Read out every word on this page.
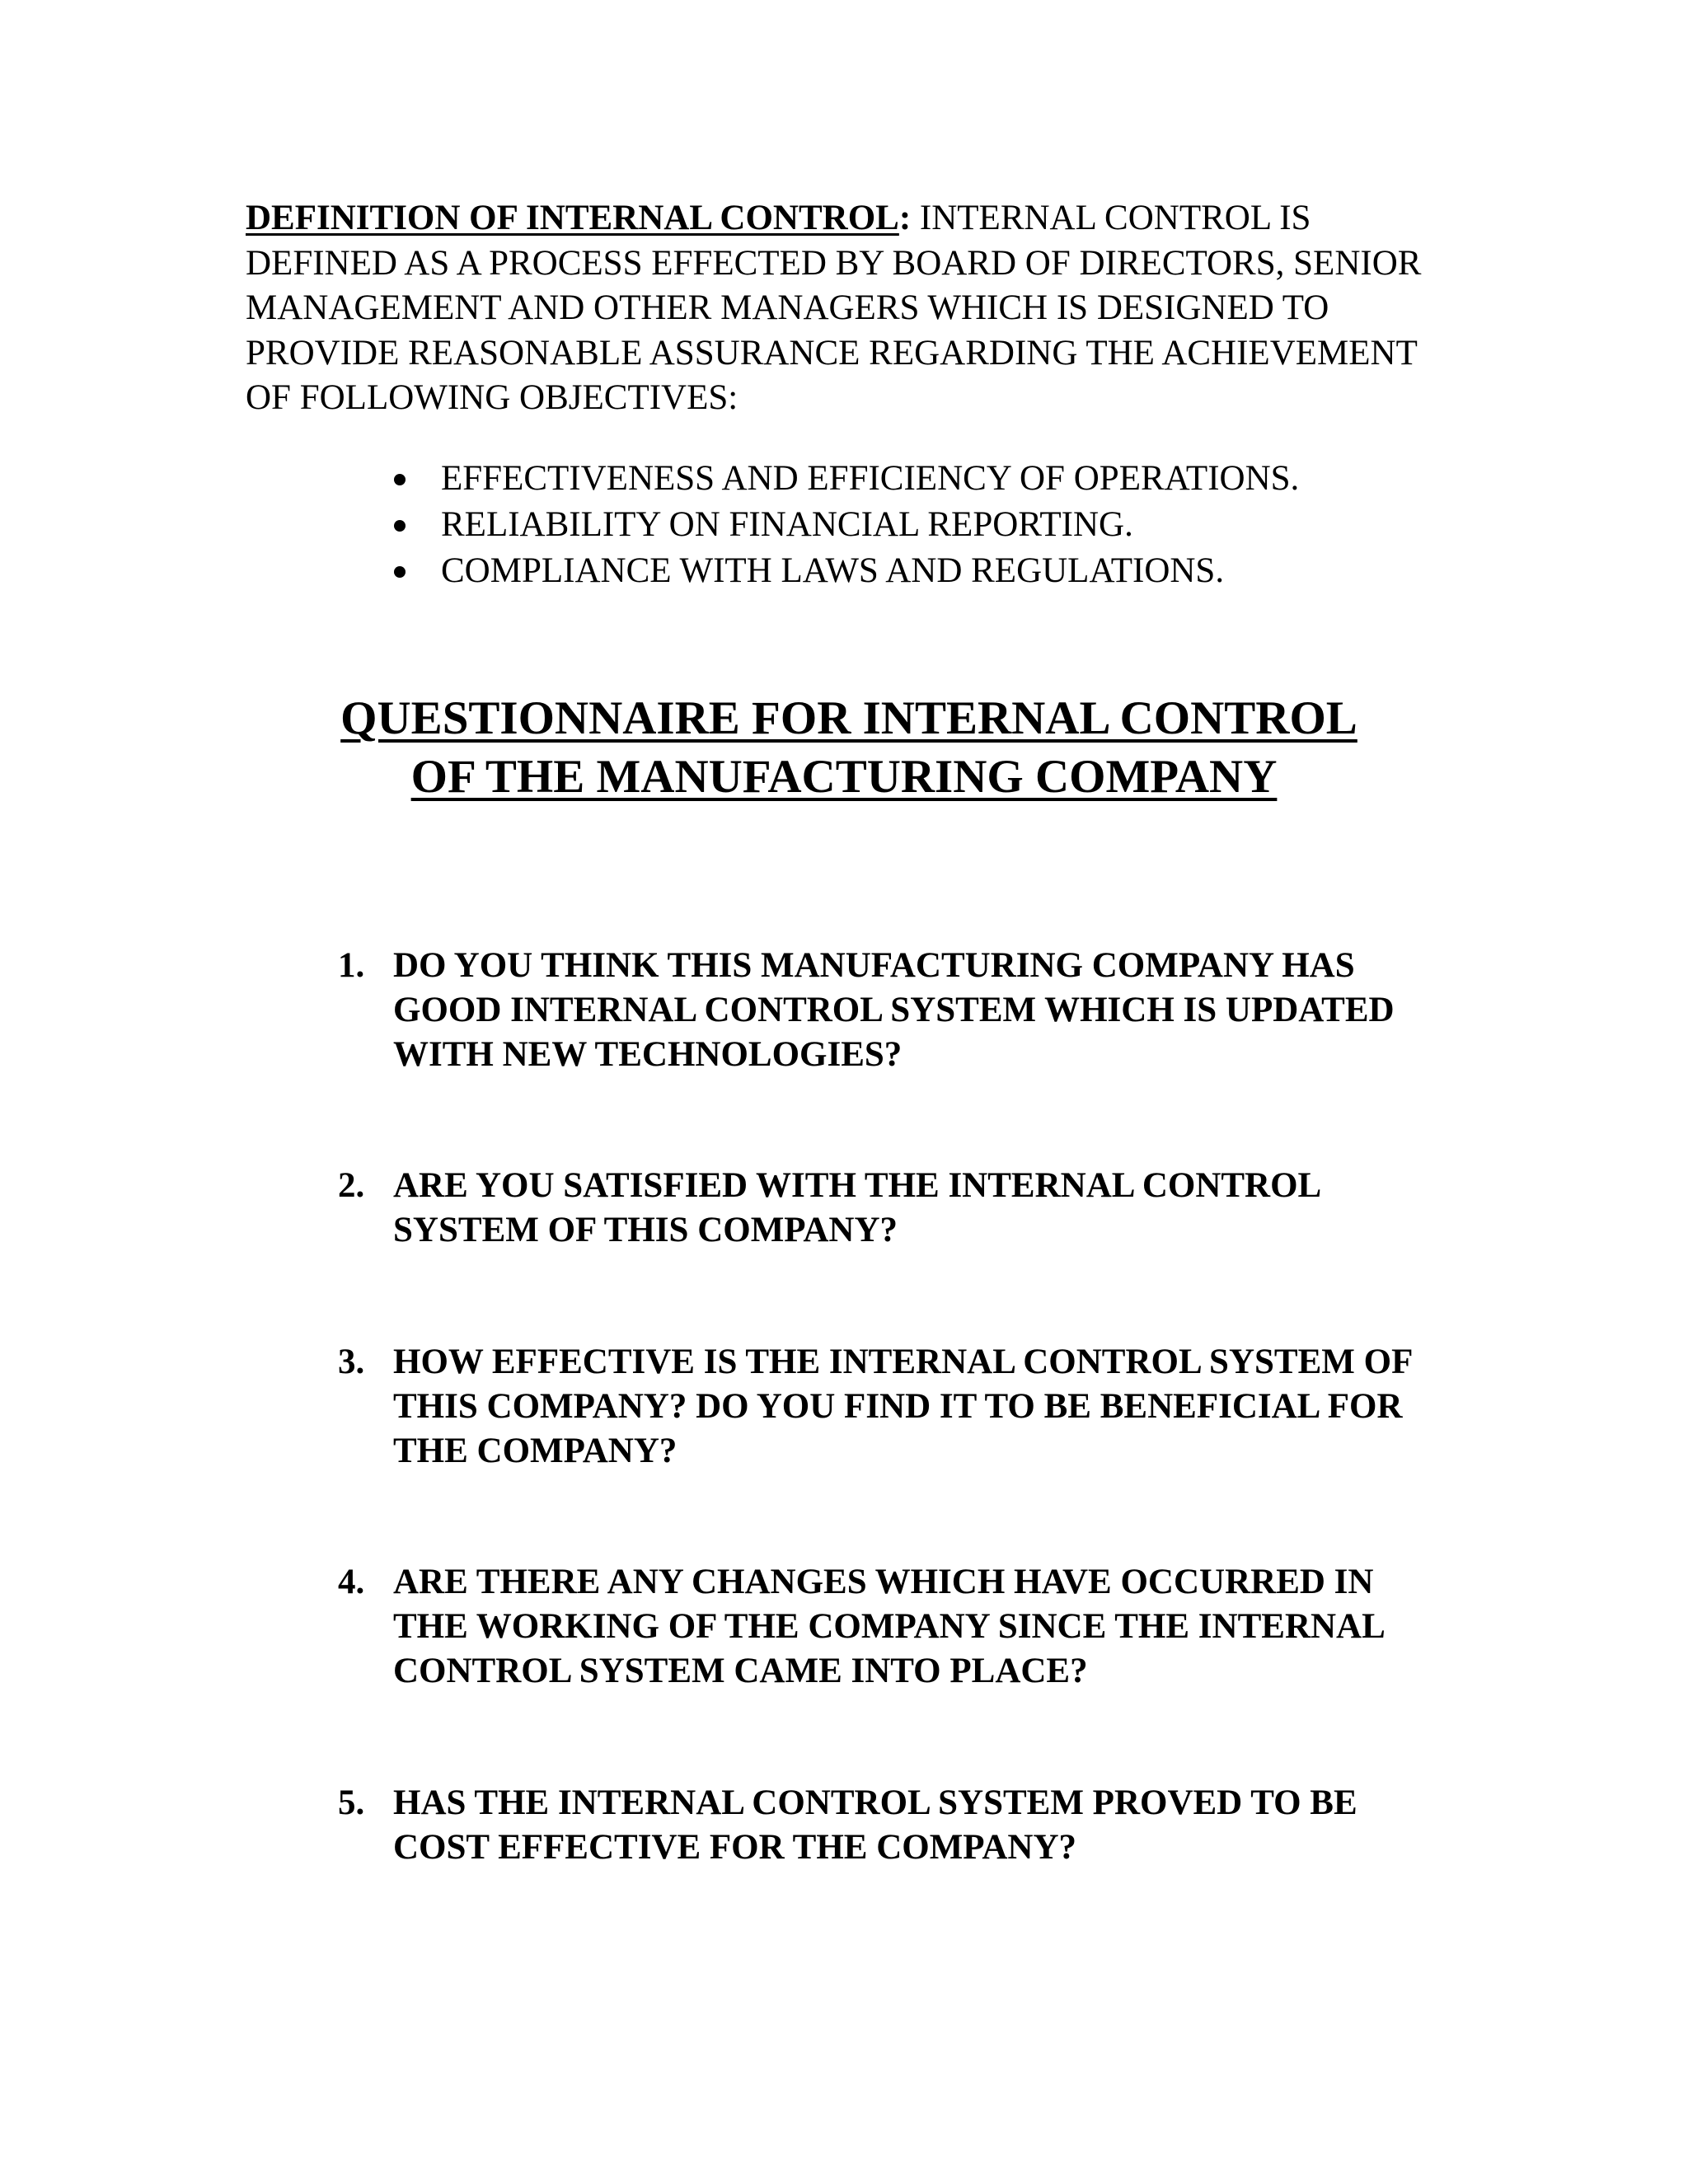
DEFINITION OF INTERNAL CONTROL: INTERNAL CONTROL IS DEFINED AS A PROCESS EFFECTED BY BOARD OF DIRECTORS, SENIOR MANAGEMENT AND OTHER MANAGERS WHICH IS DESIGNED TO PROVIDE REASONABLE ASSURANCE REGARDING THE ACHIEVEMENT OF FOLLOWING OBJECTIVES:

EFFECTIVENESS AND EFFICIENCY OF OPERATIONS.
RELIABILITY ON FINANCIAL REPORTING.
COMPLIANCE WITH LAWS AND REGULATIONS.
QUESTIONNAIRE FOR INTERNAL CONTROL
OF THE MANUFACTURING COMPANY
1. DO YOU THINK THIS MANUFACTURING COMPANY HAS GOOD INTERNAL CONTROL SYSTEM WHICH IS UPDATED WITH NEW TECHNOLOGIES?
2. ARE YOU SATISFIED WITH THE INTERNAL CONTROL SYSTEM OF THIS COMPANY?
3. HOW EFFECTIVE IS THE INTERNAL CONTROL SYSTEM OF THIS COMPANY? DO YOU FIND IT TO BE BENEFICIAL FOR THE COMPANY?
4. ARE THERE ANY CHANGES WHICH HAVE OCCURRED IN THE WORKING OF THE COMPANY SINCE THE INTERNAL CONTROL SYSTEM CAME INTO PLACE?
5. HAS THE INTERNAL CONTROL SYSTEM PROVED TO BE COST EFFECTIVE FOR THE COMPANY?
